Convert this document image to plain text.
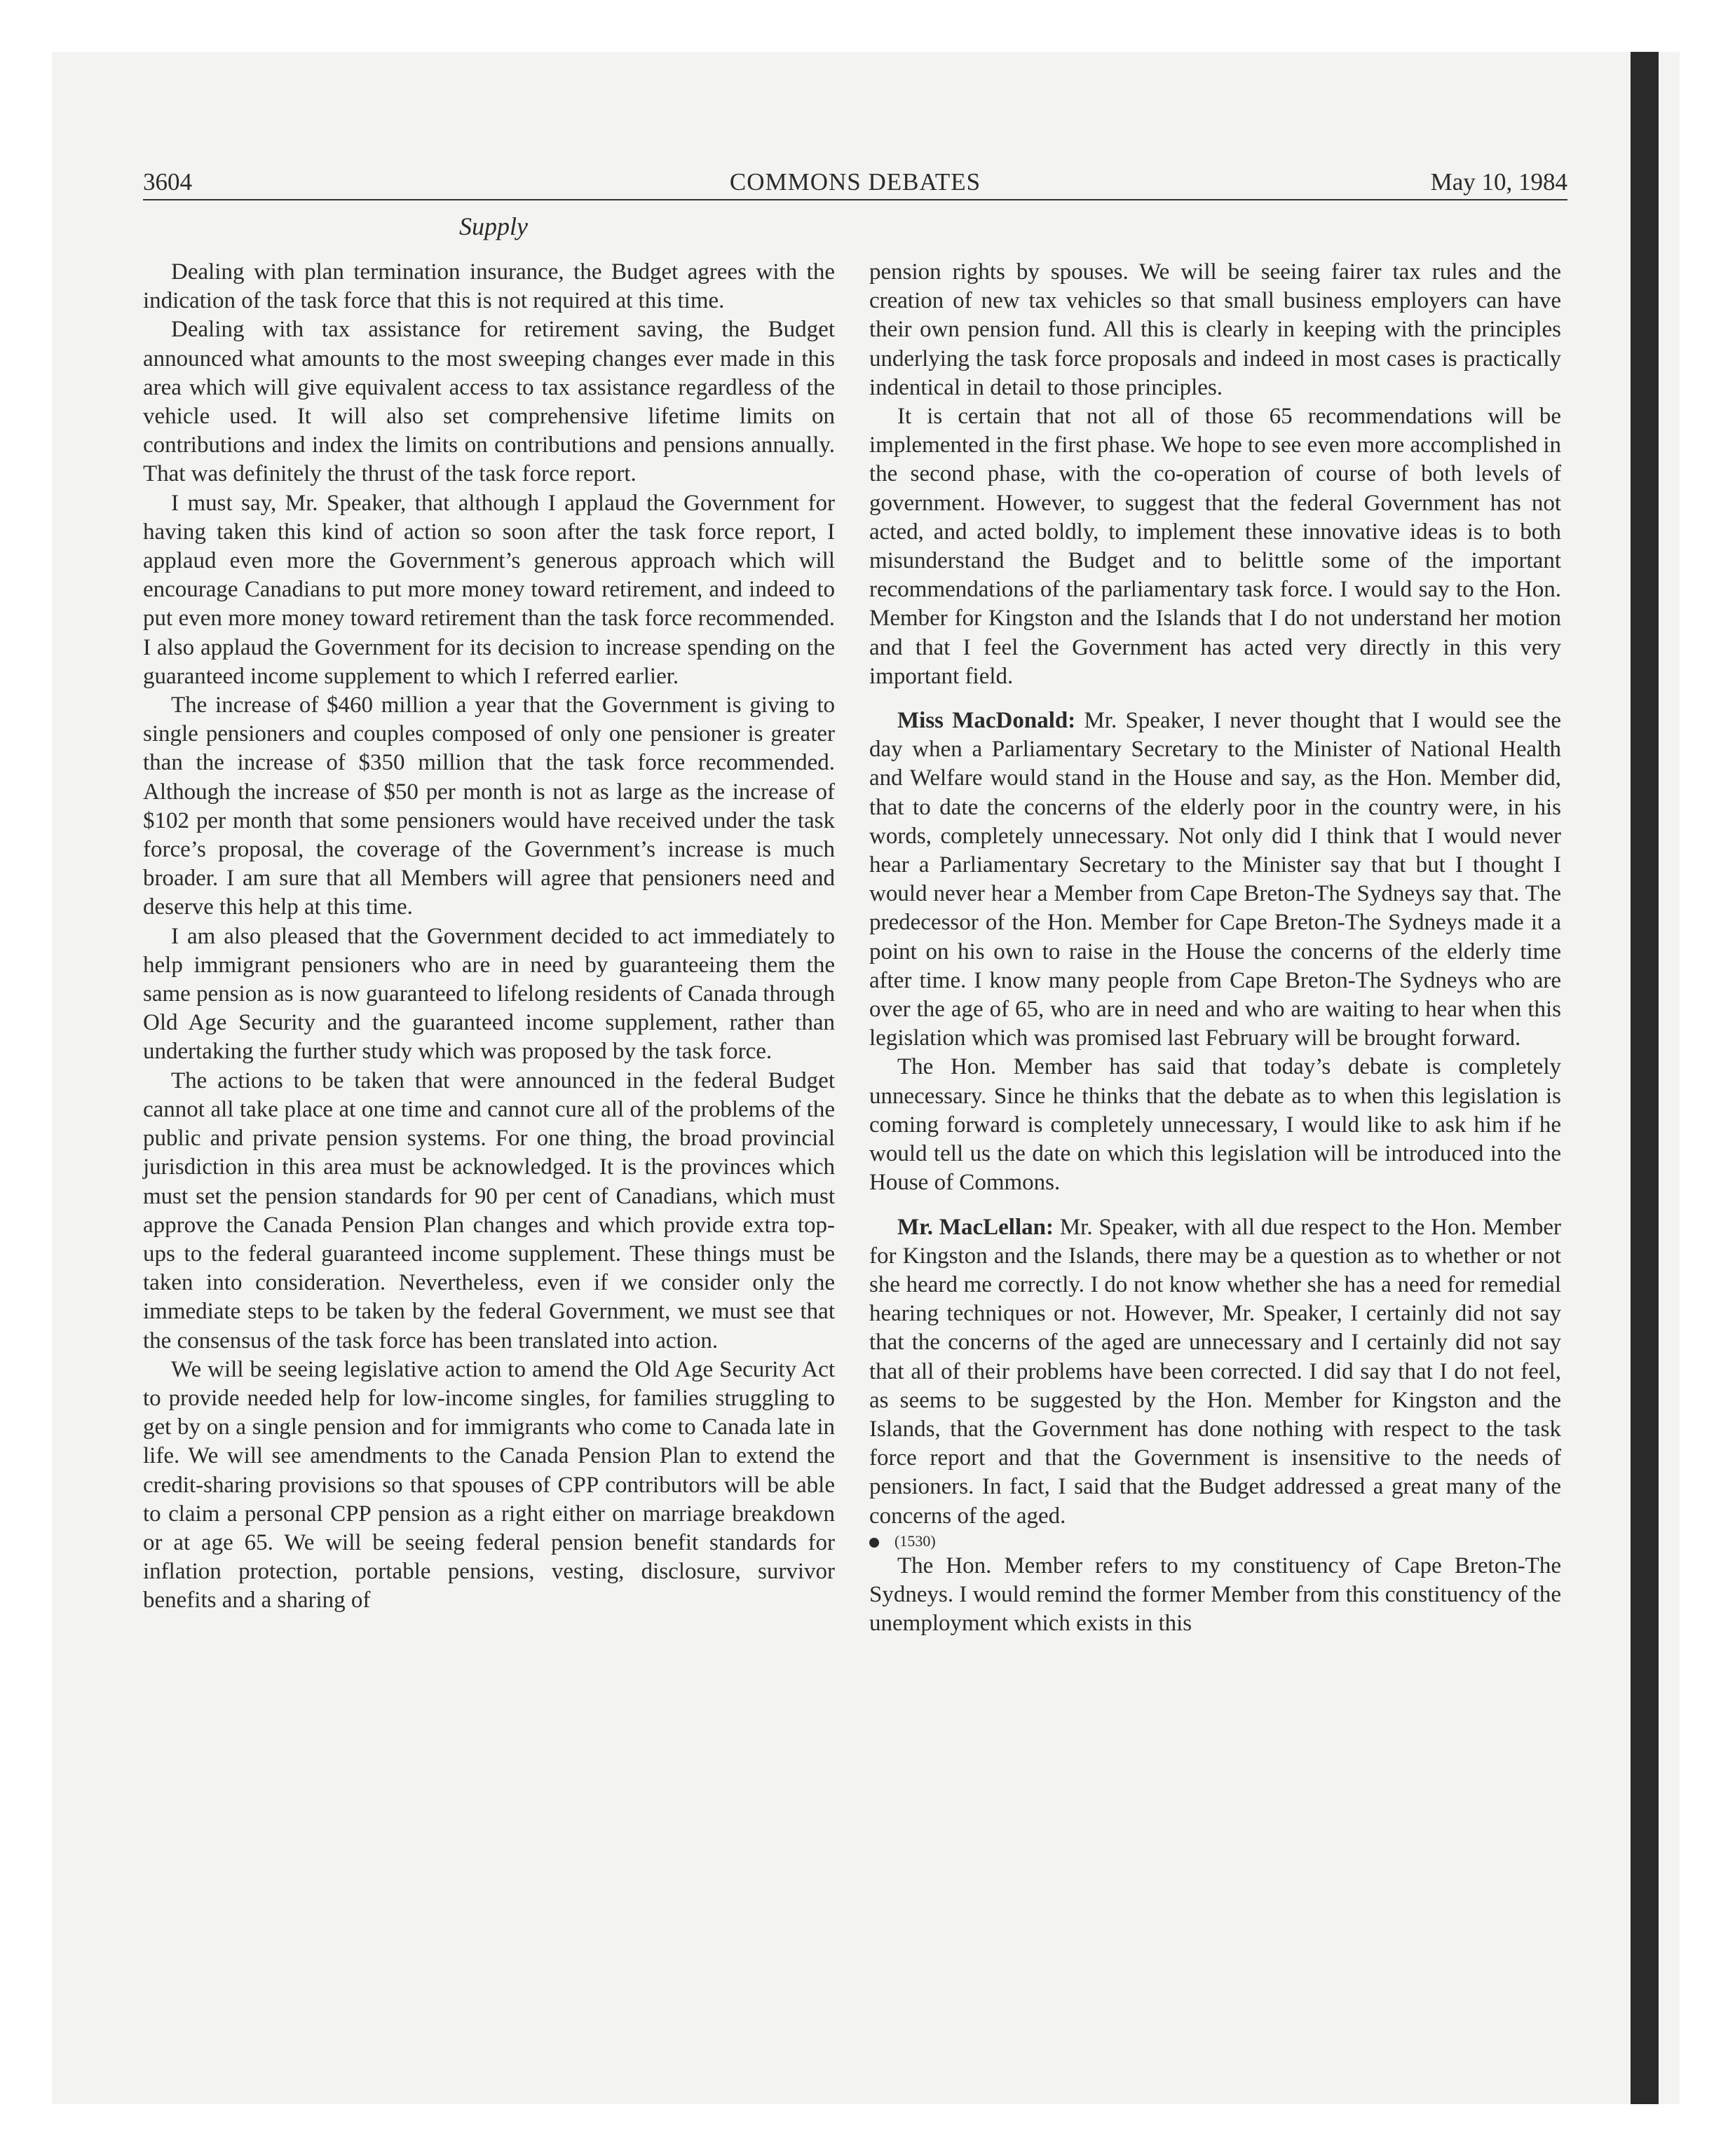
3604	COMMONS DEBATES	May 10, 1984
Supply

Dealing with plan termination insurance, the Budget agrees with the indication of the task force that this is not required at this time.

Dealing with tax assistance for retirement saving, the Budget announced what amounts to the most sweeping changes ever made in this area which will give equivalent access to tax assistance regardless of the vehicle used. It will also set comprehensive lifetime limits on contributions and index the limits on contributions and pensions annually. That was definitely the thrust of the task force report.

I must say, Mr. Speaker, that although I applaud the Government for having taken this kind of action so soon after the task force report, I applaud even more the Government’s generous approach which will encourage Canadians to put more money toward retirement, and indeed to put even more money toward retirement than the task force recommended. I also applaud the Government for its decision to increase spending on the guaranteed income supplement to which I referred earlier.

The increase of $460 million a year that the Government is giving to single pensioners and couples composed of only one pensioner is greater than the increase of $350 million that the task force recommended. Although the increase of $50 per month is not as large as the increase of $102 per month that some pensioners would have received under the task force’s proposal, the coverage of the Government’s increase is much broader. I am sure that all Members will agree that pensioners need and deserve this help at this time.

I am also pleased that the Government decided to act immediately to help immigrant pensioners who are in need by guaranteeing them the same pension as is now guaranteed to lifelong residents of Canada through Old Age Security and the guaranteed income supplement, rather than undertaking the further study which was proposed by the task force.

The actions to be taken that were announced in the federal Budget cannot all take place at one time and cannot cure all of the problems of the public and private pension systems. For one thing, the broad provincial jurisdiction in this area must be acknowledged. It is the provinces which must set the pension standards for 90 per cent of Canadians, which must approve the Canada Pension Plan changes and which provide extra top-ups to the federal guaranteed income supplement. These things must be taken into consideration. Nevertheless, even if we consider only the immediate steps to be taken by the federal Government, we must see that the consensus of the task force has been translated into action.

We will be seeing legislative action to amend the Old Age Security Act to provide needed help for low-income singles, for families struggling to get by on a single pension and for immigrants who come to Canada late in life. We will see amendments to the Canada Pension Plan to extend the credit-sharing provisions so that spouses of CPP contributors will be able to claim a personal CPP pension as a right either on marriage breakdown or at age 65. We will be seeing federal pension benefit standards for inflation protection, portable pensions, vesting, disclosure, survivor benefits and a sharing of

pension rights by spouses. We will be seeing fairer tax rules and the creation of new tax vehicles so that small business employers can have their own pension fund. All this is clearly in keeping with the principles underlying the task force proposals and indeed in most cases is practically indentical in detail to those principles.

It is certain that not all of those 65 recommendations will be implemented in the first phase. We hope to see even more accomplished in the second phase, with the co-operation of course of both levels of government. However, to suggest that the federal Government has not acted, and acted boldly, to implement these innovative ideas is to both misunderstand the Budget and to belittle some of the important recommendations of the parliamentary task force. I would say to the Hon. Member for Kingston and the Islands that I do not understand her motion and that I feel the Government has acted very directly in this very important field.

Miss MacDonald: Mr. Speaker, I never thought that I would see the day when a Parliamentary Secretary to the Minister of National Health and Welfare would stand in the House and say, as the Hon. Member did, that to date the concerns of the elderly poor in the country were, in his words, completely unnecessary. Not only did I think that I would never hear a Parliamentary Secretary to the Minister say that but I thought I would never hear a Member from Cape Breton-The Sydneys say that. The predecessor of the Hon. Member for Cape Breton-The Sydneys made it a point on his own to raise in the House the concerns of the elderly time after time. I know many people from Cape Breton-The Sydneys who are over the age of 65, who are in need and who are waiting to hear when this legislation which was promised last February will be brought forward.

The Hon. Member has said that today’s debate is completely unnecessary. Since he thinks that the debate as to when this legislation is coming forward is completely unnecessary, I would like to ask him if he would tell us the date on which this legislation will be introduced into the House of Commons.

Mr. MacLellan: Mr. Speaker, with all due respect to the Hon. Member for Kingston and the Islands, there may be a question as to whether or not she heard me correctly. I do not know whether she has a need for remedial hearing techniques or not. However, Mr. Speaker, I certainly did not say that the concerns of the aged are unnecessary and I certainly did not say that all of their problems have been corrected. I did say that I do not feel, as seems to be suggested by the Hon. Member for Kingston and the Islands, that the Government has done nothing with respect to the task force report and that the Government is insensitive to the needs of pensioners. In fact, I said that the Budget addressed a great many of the concerns of the aged.

(1530)

The Hon. Member refers to my constituency of Cape Breton-The Sydneys. I would remind the former Member from this constituency of the unemployment which exists in this
